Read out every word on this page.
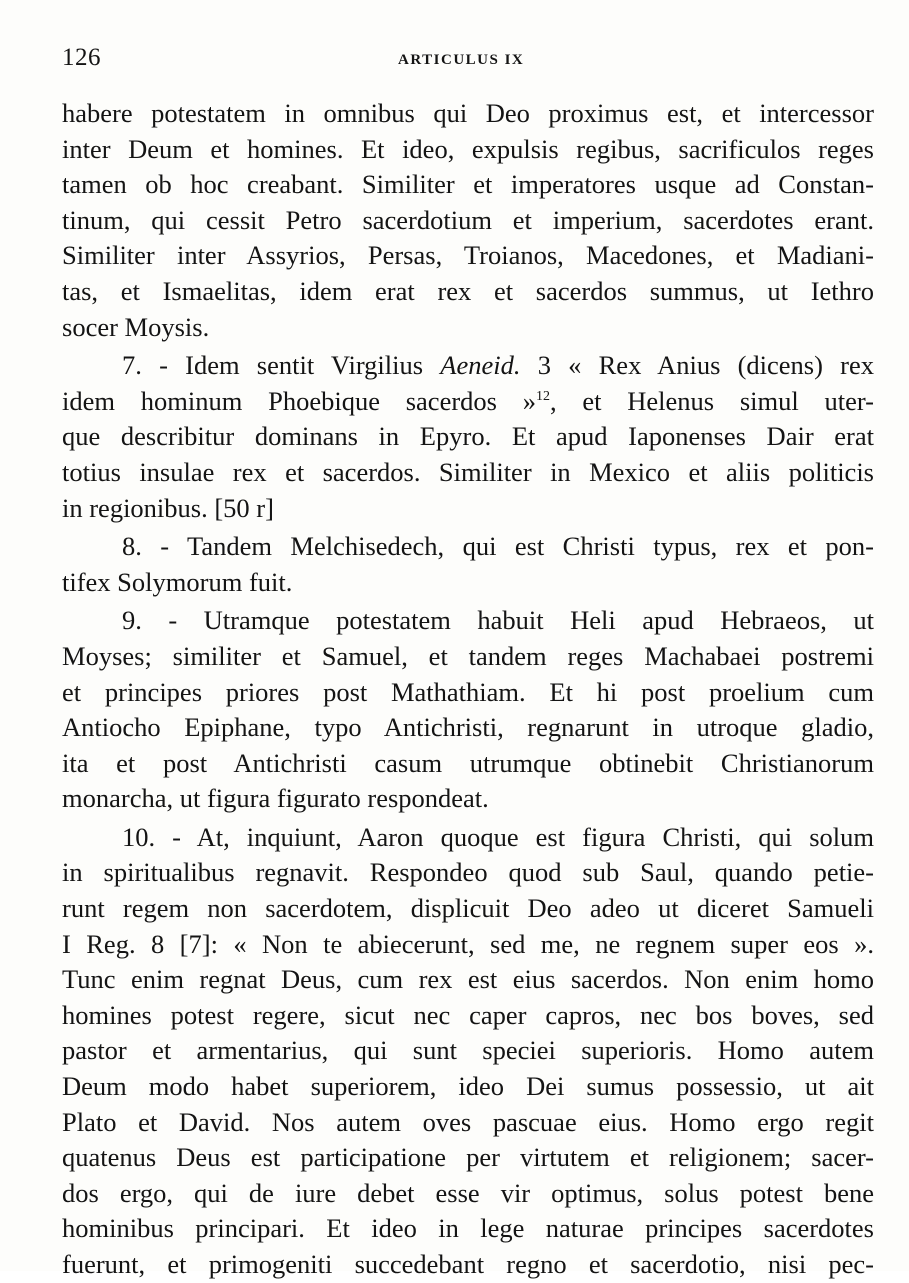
126	ARTICULUS IX
habere potestatem in omnibus qui Deo proximus est, et intercessor
inter Deum et homines. Et ideo, expulsis regibus, sacrificulos reges
tamen ob hoc creabant. Similiter et imperatores usque ad Constan-
tinum, qui cessit Petro sacerdotium et imperium, sacerdotes erant.
Similiter inter Assyrios, Persas, Troianos, Macedones, et Madiani-
tas, et Ismaelitas, idem erat rex et sacerdos summus, ut Iethro
socer Moysis.
7. - Idem sentit Virgilius Aeneid. 3 « Rex Anius (dicens) rex
idem hominum Phoebique sacerdos »$^{12}$, et Helenus simul uter-
que describitur dominans in Epyro. Et apud Iaponenses Dair erat
totius insulae rex et sacerdos. Similiter in Mexico et aliis politicis
in regionibus. [50 r]
8. - Tandem Melchisedech, qui est Christi typus, rex et pon-
tifex Solymorum fuit.
9. - Utramque potestatem habuit Heli apud Hebraeos, ut
Moyses; similiter et Samuel, et tandem reges Machabaei postremi
et principes priores post Mathathiam. Et hi post proelium cum
Antiocho Epiphane, typo Antichristi, regnarunt in utroque gladio,
ita et post Antichristi casum utrumque obtinebit Christianorum
monarcha, ut figura figurato respondeat.
10. - At, inquiunt, Aaron quoque est figura Christi, qui solum
in spiritualibus regnavit. Respondeo quod sub Saul, quando petie-
runt regem non sacerdotem, displicuit Deo adeo ut diceret Samueli
I Reg. 8 [7]: « Non te abiecerunt, sed me, ne regnem super eos ».
Tunc enim regnat Deus, cum rex est eius sacerdos. Non enim homo
homines potest regere, sicut nec caper capros, nec bos boves, sed
pastor et armentarius, qui sunt speciei superioris. Homo autem
Deum modo habet superiorem, ideo Dei sumus possessio, ut ait
Plato et David. Nos autem oves pascuae eius. Homo ergo regit
quatenus Deus est participatione per virtutem et religionem; sacer-
dos ergo, qui de iure debet esse vir optimus, solus potest bene
hominibus principari. Et ideo in lege naturae principes sacerdotes
fuerunt, et primogeniti succedebant regno et sacerdotio, nisi pec-
